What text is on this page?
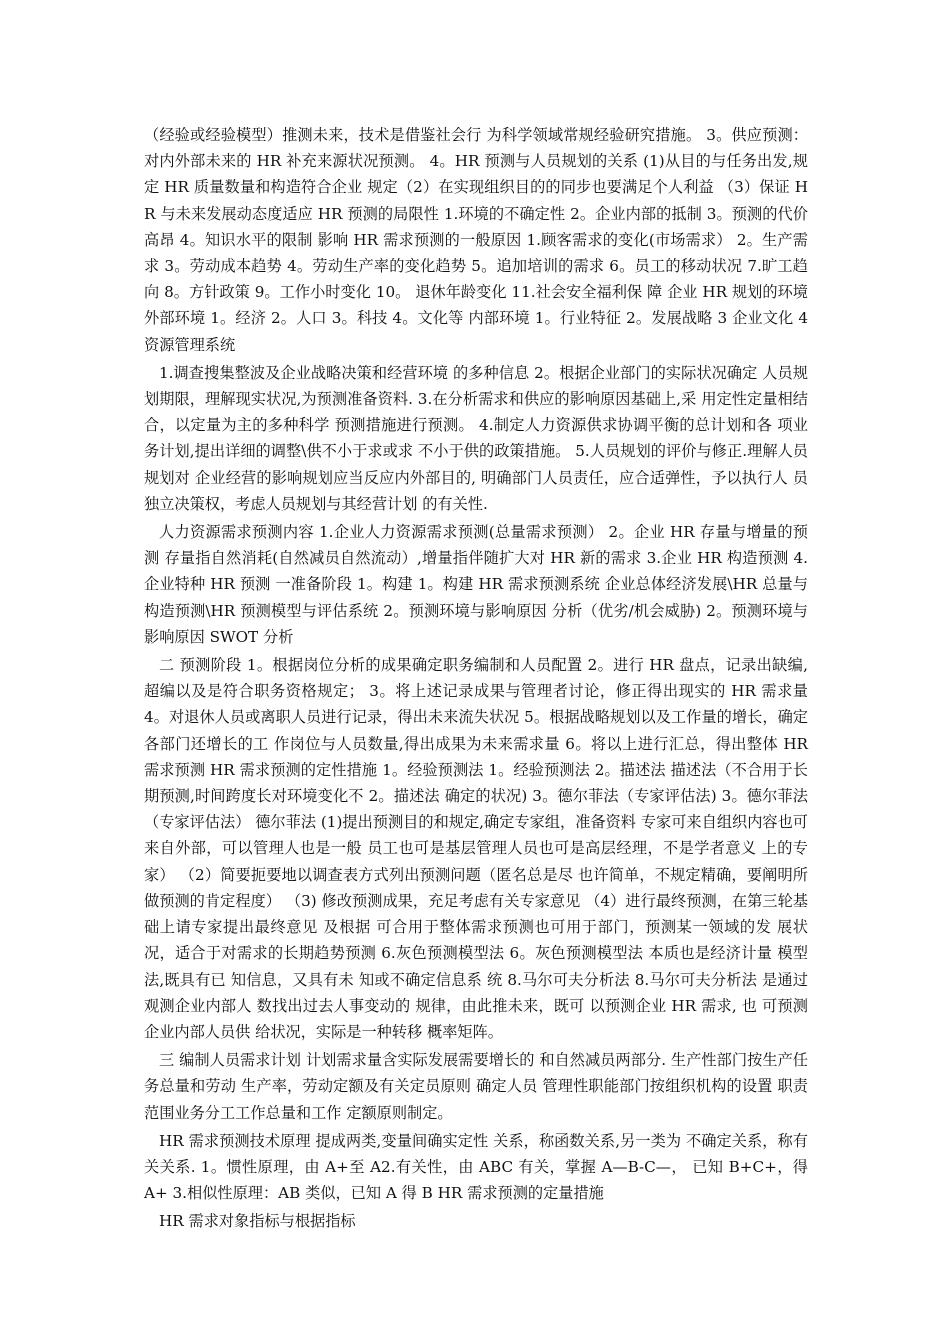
（经验或经验模型）推测未来，技术是借鉴社会行 为科学领域常规经验研究措施。 3。供应预测：对内外部未来的 HR 补充来源状况预测。 4。HR 预测与人员规划的关系 (1)从目的与任务出发,规定 HR 质量数量和构造符合企业 规定（2）在实现组织目的的同步也要满足个人利益 （3）保证 HR 与未来发展动态度适应 HR 预测的局限性 1.环境的不确定性 2。企业内部的抵制 3。预测的代价高昂 4。知识水平的限制 影响 HR 需求预测的一般原因 1.顾客需求的变化(市场需求） 2。生产需求 3。劳动成本趋势 4。劳动生产率的变化趋势 5。追加培训的需求 6。员工的移动状况 7.旷工趋向 8。方针政策 9。工作小时变化 10。 退休年龄变化 11.社会安全福利保 障 企业 HR 规划的环境 外部环境 1。经济 2。人口 3。科技 4。文化等 内部环境 1。行业特征 2。发展战略 3 企业文化 4 资源管理系统

1.调查搜集整波及企业战略决策和经营环境 的多种信息 2。根据企业部门的实际状况确定 人员规划期限，理解现实状况,为预测准备资料. 3.在分析需求和供应的影响原因基础上,采 用定性定量相结合，以定量为主的多种科学 预测措施进行预测。 4.制定人力资源供求协调平衡的总计划和各 项业务计划,提出详细的调整\供不小于求或求 不小于供的政策措施。 5.人员规划的评价与修正.理解人员规划对 企业经营的影响规划应当反应内外部目的, 明确部门人员责任，应合适弹性，予以执行人 员独立决策权，考虑人员规划与其经营计划 的有关性.

人力资源需求预测内容 1.企业人力资源需求预测(总量需求预测） 2。企业 HR 存量与增量的预测 存量指自然消耗(自然减员自然流动）,增量指伴随扩大对 HR 新的需求 3.企业 HR 构造预测 4.企业特种 HR 预测 一准备阶段 1。构建 1。构建 HR 需求预测系统 企业总体经济发展\HR 总量与构造预测\HR 预测模型与评估系统 2。预测环境与影响原因 分析（优劣/机会威胁) 2。预测环境与影响原因 SWOT 分析

二 预测阶段 1。根据岗位分析的成果确定职务编制和人员配置 2。进行 HR 盘点，记录出缺编,超编以及是符合职务资格规定； 3。将上述记录成果与管理者讨论，修正得出现实的 HR 需求量 4。对退休人员或离职人员进行记录，得出未来流失状况 5。根据战略规划以及工作量的增长，确定各部门还增长的工 作岗位与人员数量,得出成果为未来需求量 6。将以上进行汇总，得出整体 HR 需求预测 HR 需求预测的定性措施 1。经验预测法 1。经验预测法 2。描述法 描述法（不合用于长期预测,时间跨度长对环境变化不 2。描述法 确定的状况) 3。德尔菲法（专家评估法) 3。德尔菲法（专家评估法） 德尔菲法 (1)提出预测目的和规定,确定专家组，准备资料 专家可来自组织内容也可来自外部，可以管理人也是一般 员工也可是基层管理人员也可是高层经理，不是学者意义 上的专家） （2）简要扼要地以调查表方式列出预测问题（匿名总是尽 也许简单，不规定精确，要阐明所做预测的肯定程度） （3) 修改预测成果，充足考虑有关专家意见 （4）进行最终预测，在第三轮基础上请专家提出最终意见 及根据 可合用于整体需求预测也可用于部门，预测某一领域的发 展状况，适合于对需求的长期趋势预测 6.灰色预测模型法 6。灰色预测模型法 本质也是经济计量 模型法,既具有已 知信息，又具有未 知或不确定信息系 统 8.马尔可夫分析法 8.马尔可夫分析法 是通过观测企业内部人 数找出过去人事变动的 规律，由此推未来，既可 以预测企业 HR 需求, 也 可预测企业内部人员供 给状况，实际是一种转移 概率矩阵。

三 编制人员需求计划 计划需求量含实际发展需要增长的 和自然减员两部分. 生产性部门按生产任务总量和劳动 生产率，劳动定额及有关定员原则 确定人员 管理性职能部门按组织机构的设置 职责范围业务分工工作总量和工作 定额原则制定。

HR 需求预测技术原理 提成两类,变量间确实定性 关系，称函数关系,另一类为 不确定关系，称有关关系. 1。惯性原理，由 A+至 A2.有关性，由 ABC 有关，掌握 A—B-C—， 已知 B+C+，得 A+ 3.相似性原理：AB 类似，已知 A 得 B HR 需求预测的定量措施

HR 需求对象指标与根据指标
